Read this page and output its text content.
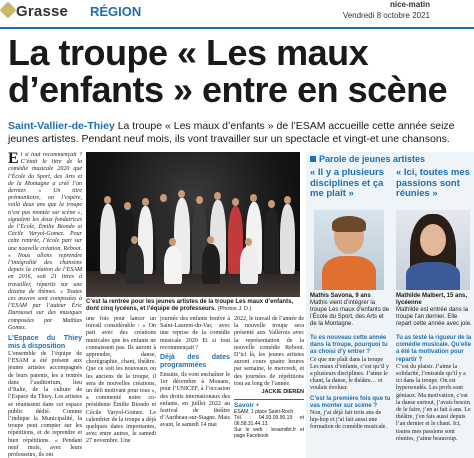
Grasse RÉGION	nice-matin
Vendredi 8 octobre 2021
La troupe « Les maux
d’enfants » entre en scène
Saint-Vallier-de-Thiey La troupe « Les maux d’enfants » de l’ESAM accueille cette année seize jeunes artistes. Pendant neuf mois, ils vont travailler sur un spectacle et vingt-et une chansons.
E t si tout recommençait ? C’était le titre de la comédie musicale 2020 que l’École du Sport, des Arts et de la Montagne a créé l’an dernier. « Un titre prémonitoire, on l’espère, voilà deux ans que la troupe n’est pas montée sur scène », signalent les deux fondatrices de l’École, Émilie Biondo et Cécile Varyol-Gomez. Pour cette rentrée, l’école part sur une nouvelle création, Reboot. « Nous allons reprendre l’intégralité des chansons depuis la création de l’ESAM en 2016, soit 21 titres à travailler, répartis sur une dizaine de thèmes. » Toutes ces œuvres sont composées à l’ESAM par l’auteur Éric Durousset sur des musiques composées par Mathias Gomez.
L’Espace du Thiey mis à disposition
L’ensemble de l’équipe de l’ESAM a été présent aux jeunes artistes accompagnés de leurs parents, les a rentrés dans l’auditorium, lieu d’Italie, de la culture de l’Espace du Thiey. Les artistes se réunissent dans cet espace public dédié. Comme l’indique la Municipalité, la troupe peut compter sur les répétitions, et de reprendre et bien répétitions. « Pendant neuf mois, avec leurs professeurs, ils ont
C’est la rentrée pour les jeunes artistes de la troupe Les maux d’enfants, dont cinq lycéens, et l’équipe de professeurs. (Photos J. D.)
une fois pour lancer un travail considérable : « On part avec des créations musicales que les enfants ne connaissent pas. Ils auront à apprendre, danse, chorégraphie, chant, théâtre. Que ce soit les nouveaux ou les anciens de la troupe, il sera de nouvelles créations, un défi motivant pour tous », a commenté notre co-présidente Émilie Biondo et Cécile Varyol-Gomez. Le calendrier de la troupe a déjà quelques dates importantes, avec entre autres, le samedi 27 novembre. Une
journée des enfants festive à Saint-Laurent-du-Var, avec une reprise de la comédie musicale 2020 Et si tout recommençait ?
Déjà des dates programmées
Ensuite, ils vont enchaîner le 1er décembre à Mouans, pour l’UNICEF, à l’occasion des droits internationaux des enfants, en juillet 2022 au festival de théâtre d’Auribeau-sur-Siagne. Mais avant, le samedi 14 mai
2022, le travail de l’année de la nouvelle troupe sera présenté aux Vallérois avec la représentation de la nouvelle comédie Reboot. D’ici là, les jeunes artistes auront cours quatre heures par semaine, le mercredi, et des journées de répétitions tout au long de l’année.
JACKIE DIEREN
Savoir +
ESAM. 1 place Saint-Roch.
Tél. : 04.93.09.90.19 et 06.58.31.44.13.
Sur le web : lesamdbt.fr et page Facebook
Parole de jeunes artistes
« Il y a plusieurs disciplines et ça me plaît »
« Ici, toutes mes passions sont réunies »
Mathis Savona, 9 ans
Mathis vient d’intégrer la troupe Les maux d’enfants de l’École du Sport, des Arts et de la Montagne.
Mathilde Malbert, 15 ans, lycéenne
Mathilde est entrée dans la troupe l’an dernier. Elle repart cette année avec joie.
Tu es nouveau cette année dans la troupe, pourquoi tu as choisi d’y entrer ?
Ce que me plaît dans la troupe Les maux d’enfants, c’est qu’il y a plusieurs disciplines. J’aime le chant, la danse, le théâtre… et voulais évoluer.
C’est la première fois que tu vas monter sur scène ?
Non, j’ai déjà fait trois ans de hip-hop et j’ai fait aussi une formation de comédie musicale.
Tu as testé la rigueur de la comédie musicale. Qu’elle a été ta motivation pour repartir ?
C’est du plaisir. J’aime la solidarité, l’entraide qu’il y a ici dans la troupe. On est hypersoudés. Les profs sont géniaux. Ma motivation, c’est la danse surtout, j’avais besoin de le faire, j’en ai fait à ans. Le théâtre, j’en fais aussi depuis l’an dernier et le chant. Ici, toutes mes passions sont réunies, j’aime beaucoup.
